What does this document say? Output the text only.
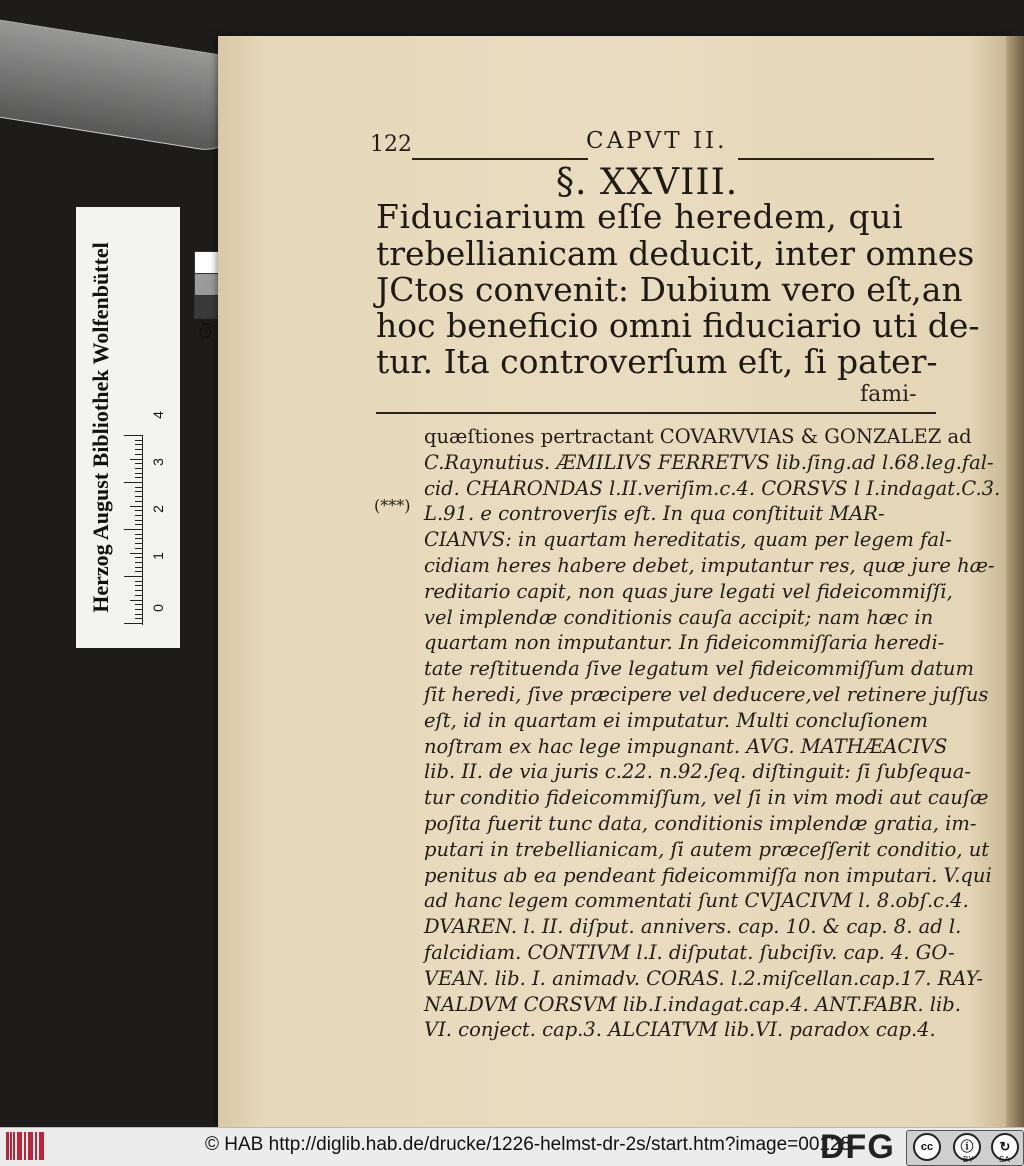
Herzog August Bibliothek Wolfenbüttel	4
3
2
1
0
122	CAPVT II.
§. XXVIII.
Fiduciarium eſſe heredem, qui
trebellianicam deducit, inter omnes
JCtos convenit: Dubium vero eſt,an
hoc beneficio omni fiduciario uti de-
tur. Ita controverſum eſt, ſi pater-
fami-
(***)
quæſtiones pertractant COVARVVIAS & GONZALEZ ad
C.Raynutius. ÆMILIVS FERRETVS lib.ſing.ad l.68.leg.fal-
cid. CHARONDAS l.II.veriſim.c.4. CORSVS l I.indagat.C.3.
L.91. e controverſis eſt. In qua conſtituit MAR-
CIANVS: in quartam hereditatis, quam per legem fal-
cidiam heres habere debet, imputantur res, quæ jure hæ-
reditario capit, non quas jure legati vel fideicommiſſi,
vel implendæ conditionis cauſa accipit; nam hæc in
quartam non imputantur. In fideicommiſſaria heredi-
tate reſtituenda ſive legatum vel fideicommiſſum datum
ſit heredi, ſive præcipere vel deducere,vel retinere juſſus
eſt, id in quartam ei imputatur. Multi concluſionem
noſtram ex hac lege impugnant. AVG. MATHÆACIVS
lib. II. de via juris c.22. n.92.ſeq. diſtinguit: ſi ſubſequa-
tur conditio fideicommiſſum, vel ſi in vim modi aut cauſæ
poſita fuerit tunc data, conditionis implendæ gratia, im-
putari in trebellianicam, ſi autem præceſſerit conditio, ut
penitus ab ea pendeant fideicommiſſa non imputari. V.qui
ad hanc legem commentati ſunt CVJACIVM l. 8.obſ.c.4.
DVAREN. l. II. diſput. annivers. cap. 10. & cap. 8. ad l.
falcidiam. CONTIVM l.I. diſputat. ſubciſiv. cap. 4. GO-
VEAN. lib. I. animadv. CORAS. l.2.miſcellan.cap.17. RAY-
NALDVM CORSVM lib.I.indagat.cap.4. ANT.FABR. lib.
VI. conject. cap.3. ALCIATVM lib.VI. paradox cap.4.
© HAB http://diglib.hab.de/drucke/1226-helmst-dr-2s/start.htm?image=00128
DFG	cc	ⓘ
BY
↻
SA
